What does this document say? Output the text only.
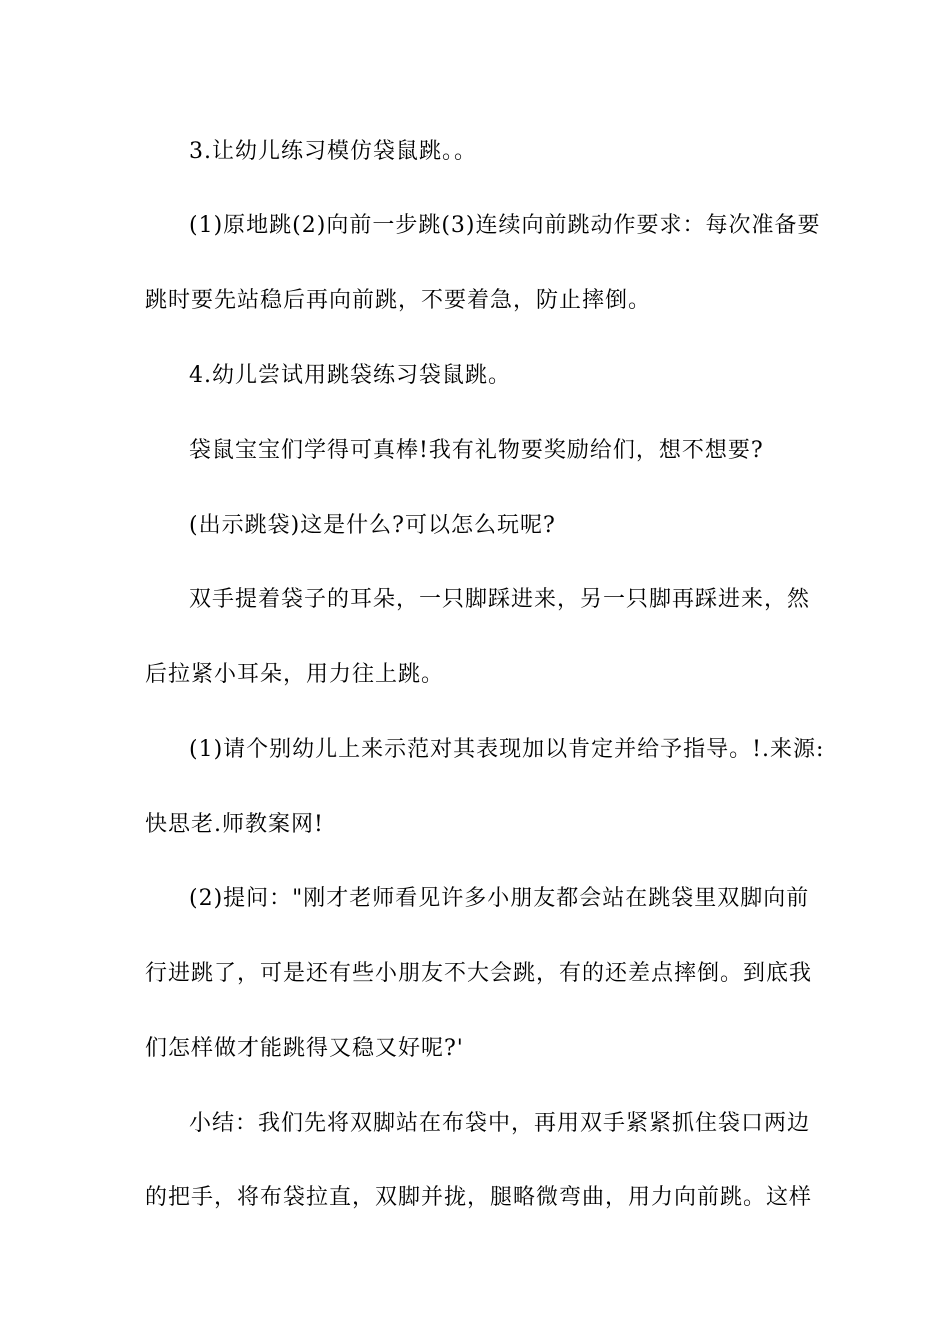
3.让幼儿练习模仿袋鼠跳。。
(1)原地跳(2)向前一步跳(3)连续向前跳动作要求：每次准备要
跳时要先站稳后再向前跳，不要着急，防止摔倒。
4.幼儿尝试用跳袋练习袋鼠跳。
袋鼠宝宝们学得可真棒!我有礼物要奖励给们，想不想要?
(出示跳袋)这是什么?可以怎么玩呢?
双手提着袋子的耳朵，一只脚踩进来，另一只脚再踩进来，然
后拉紧小耳朵，用力往上跳。
(1)请个别幼儿上来示范对其表现加以肯定并给予指导。!.来源:
快思老.师教案网!
(2)提问："刚才老师看见许多小朋友都会站在跳袋里双脚向前
行进跳了，可是还有些小朋友不大会跳，有的还差点摔倒。到底我
们怎样做才能跳得又稳又好呢?'
小结：我们先将双脚站在布袋中，再用双手紧紧抓住袋口两边
的把手，将布袋拉直，双脚并拢，腿略微弯曲，用力向前跳。这样
